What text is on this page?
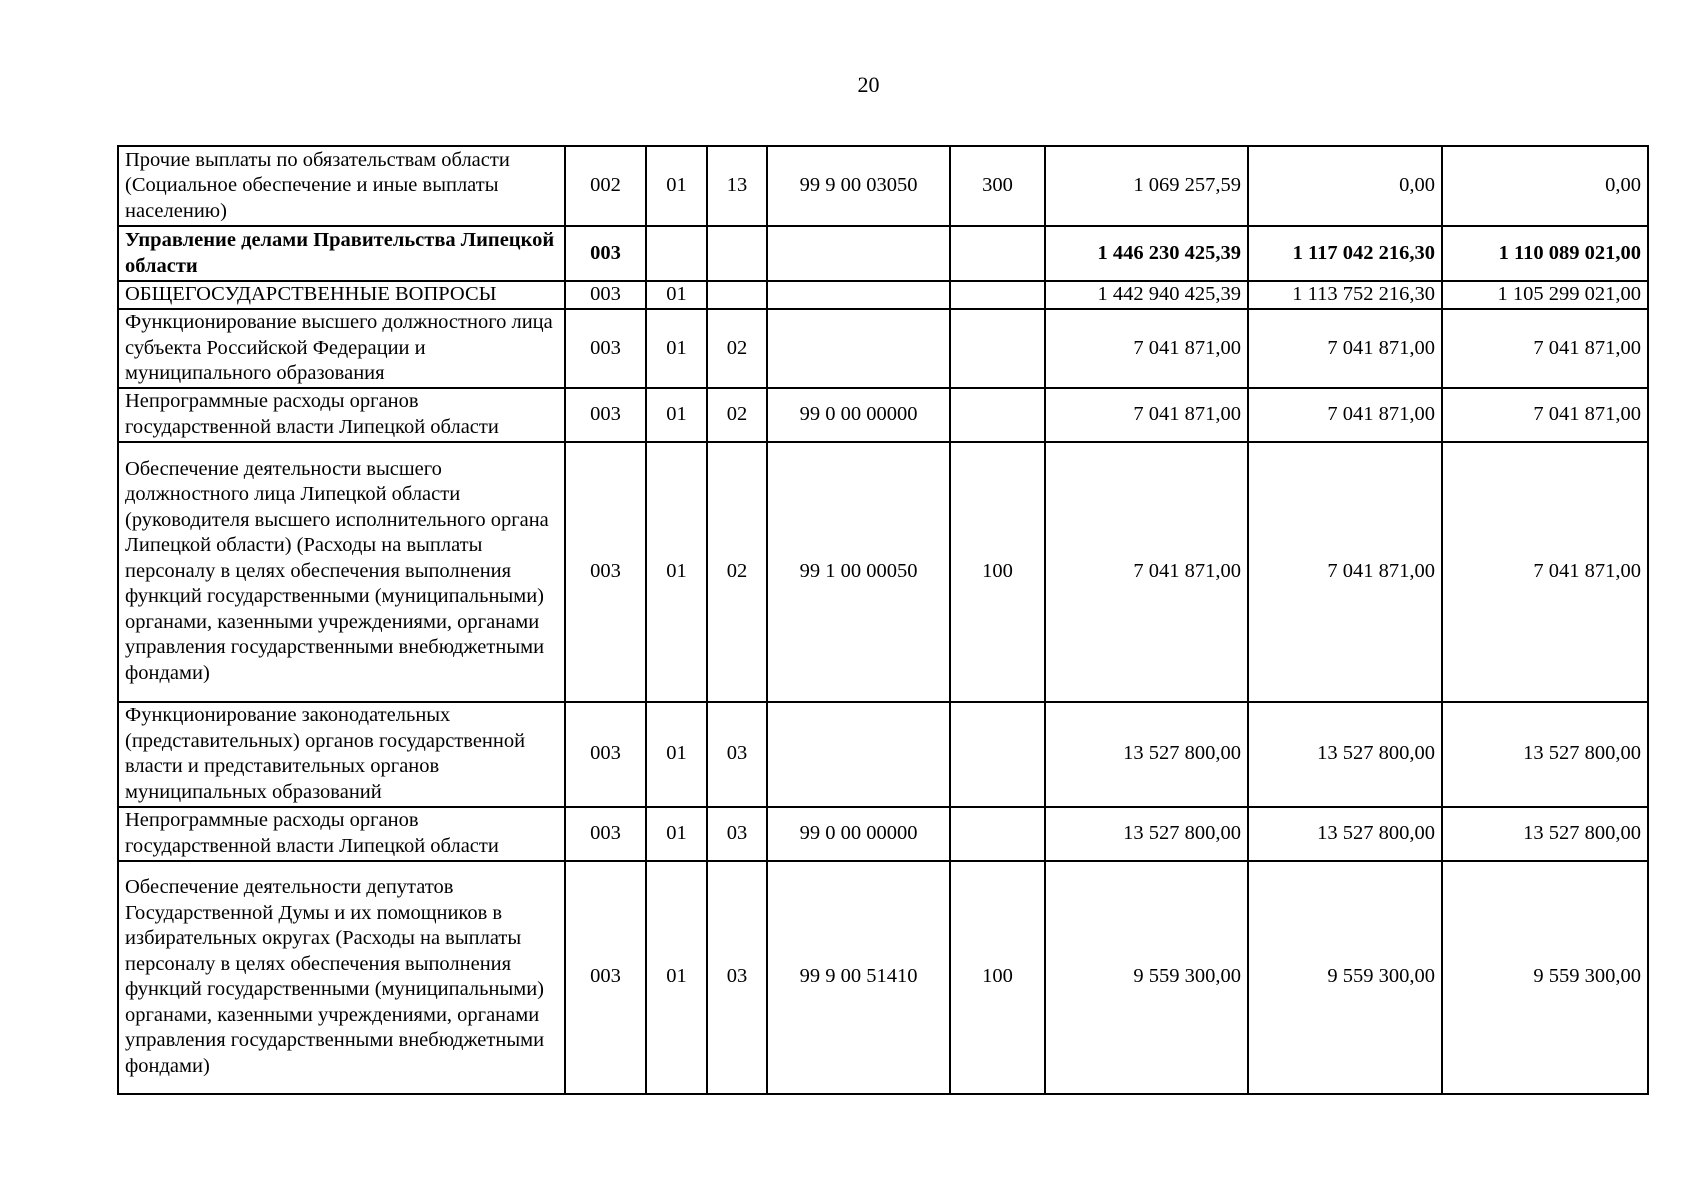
20
Прочие выплаты по обязательствам области (Социальное обеспечение и иные выплаты населению)	002	01	13	99 9 00 03050	300	1 069 257,59	0,00	0,00
Управление делами Правительства Липецкой области	003					1 446 230 425,39	1 117 042 216,30	1 110 089 021,00
ОБЩЕГОСУДАРСТВЕННЫЕ ВОПРОСЫ	003	01				1 442 940 425,39	1 113 752 216,30	1 105 299 021,00
Функционирование высшего должностного лица субъекта Российской Федерации и муниципального образования	003	01	02			7 041 871,00	7 041 871,00	7 041 871,00
Непрограммные расходы органов государственной власти Липецкой области	003	01	02	99 0 00 00000		7 041 871,00	7 041 871,00	7 041 871,00
Обеспечение деятельности высшего должностного лица Липецкой области (руководителя высшего исполнительного органа Липецкой области) (Расходы на выплаты персоналу в целях обеспечения выполнения функций государственными (муниципальными) органами, казенными учреждениями, органами управления государственными внебюджетными фондами)	003	01	02	99 1 00 00050	100	7 041 871,00	7 041 871,00	7 041 871,00
Функционирование законодательных (представительных) органов государственной власти и представительных органов муниципальных образований	003	01	03			13 527 800,00	13 527 800,00	13 527 800,00
Непрограммные расходы органов государственной власти Липецкой области	003	01	03	99 0 00 00000		13 527 800,00	13 527 800,00	13 527 800,00
Обеспечение деятельности депутатов Государственной Думы и их помощников в избирательных округах (Расходы на выплаты персоналу в целях обеспечения выполнения функций государственными (муниципальными) органами, казенными учреждениями, органами управления государственными внебюджетными фондами)	003	01	03	99 9 00 51410	100	9 559 300,00	9 559 300,00	9 559 300,00
